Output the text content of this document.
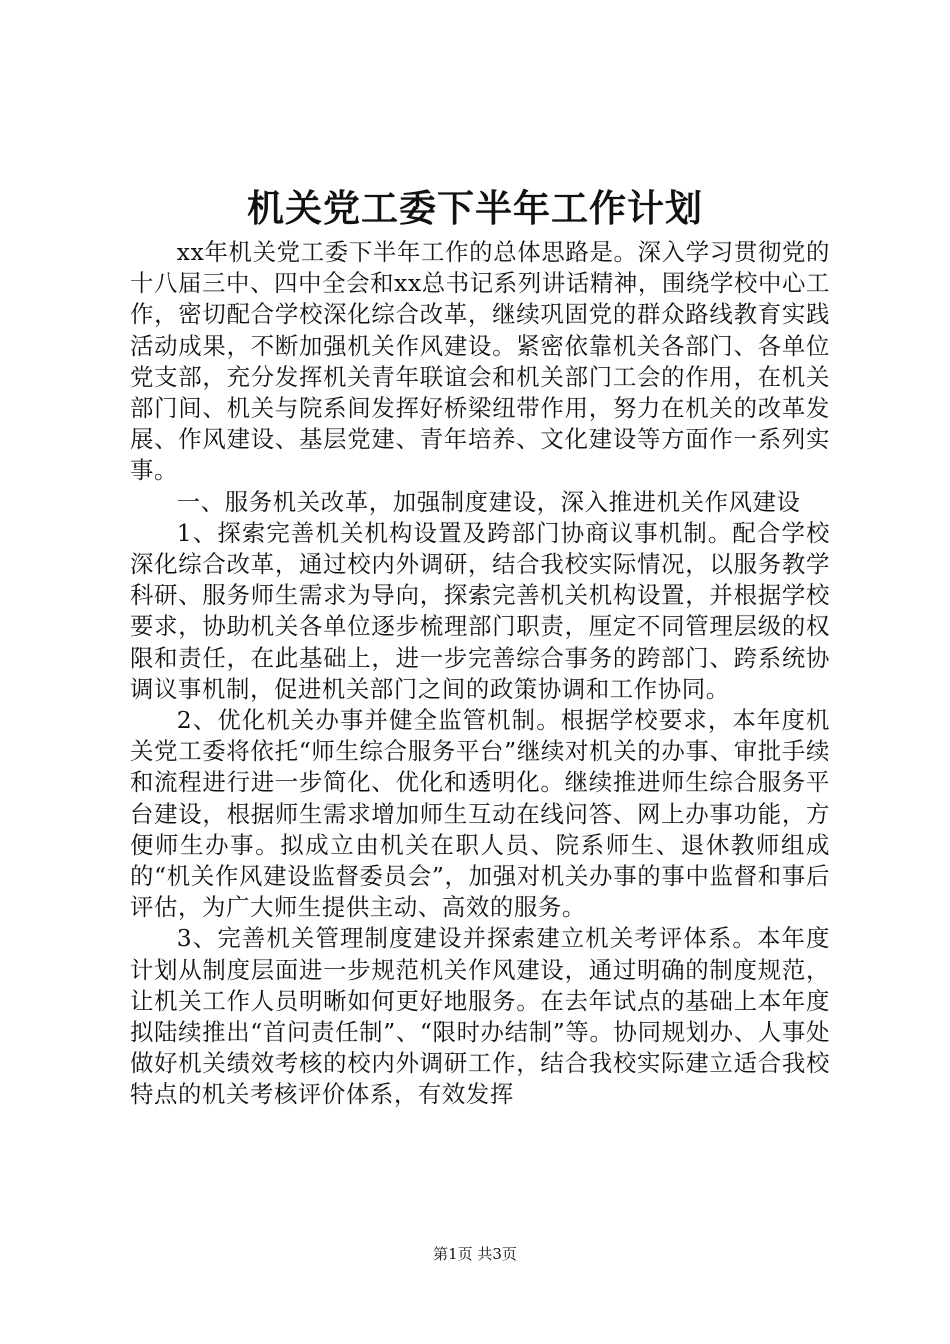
机关党工委下半年工作计划

xx年机关党工委下半年工作的总体思路是。深入学习贯彻党的十八届三中、四中全会和xx总书记系列讲话精神，围绕学校中心工作，密切配合学校深化综合改革，继续巩固党的群众路线教育实践活动成果，不断加强机关作风建设。紧密依靠机关各部门、各单位党支部，充分发挥机关青年联谊会和机关部门工会的作用，在机关部门间、机关与院系间发挥好桥梁纽带作用，努力在机关的改革发展、作风建设、基层党建、青年培养、文化建设等方面作一系列实事。

一、服务机关改革，加强制度建设，深入推进机关作风建设

1、探索完善机关机构设置及跨部门协商议事机制。配合学校深化综合改革，通过校内外调研，结合我校实际情况，以服务教学科研、服务师生需求为导向，探索完善机关机构设置，并根据学校要求，协助机关各单位逐步梳理部门职责，厘定不同管理层级的权限和责任，在此基础上，进一步完善综合事务的跨部门、跨系统协调议事机制，促进机关部门之间的政策协调和工作协同。

2、优化机关办事并健全监管机制。根据学校要求，本年度机关党工委将依托“师生综合服务平台”继续对机关的办事、审批手续和流程进行进一步简化、优化和透明化。继续推进师生综合服务平台建设，根据师生需求增加师生互动在线问答、网上办事功能，方便师生办事。拟成立由机关在职人员、院系师生、退休教师组成的“机关作风建设监督委员会”，加强对机关办事的事中监督和事后评估，为广大师生提供主动、高效的服务。

3、完善机关管理制度建设并探索建立机关考评体系。本年度计划从制度层面进一步规范机关作风建设，通过明确的制度规范，让机关工作人员明晰如何更好地服务。在去年试点的基础上本年度拟陆续推出“首问责任制”、“限时办结制”等。协同规划办、人事处做好机关绩效考核的校内外调研工作，结合我校实际建立适合我校特点的机关考核评价体系，有效发挥

第1页 共3页
